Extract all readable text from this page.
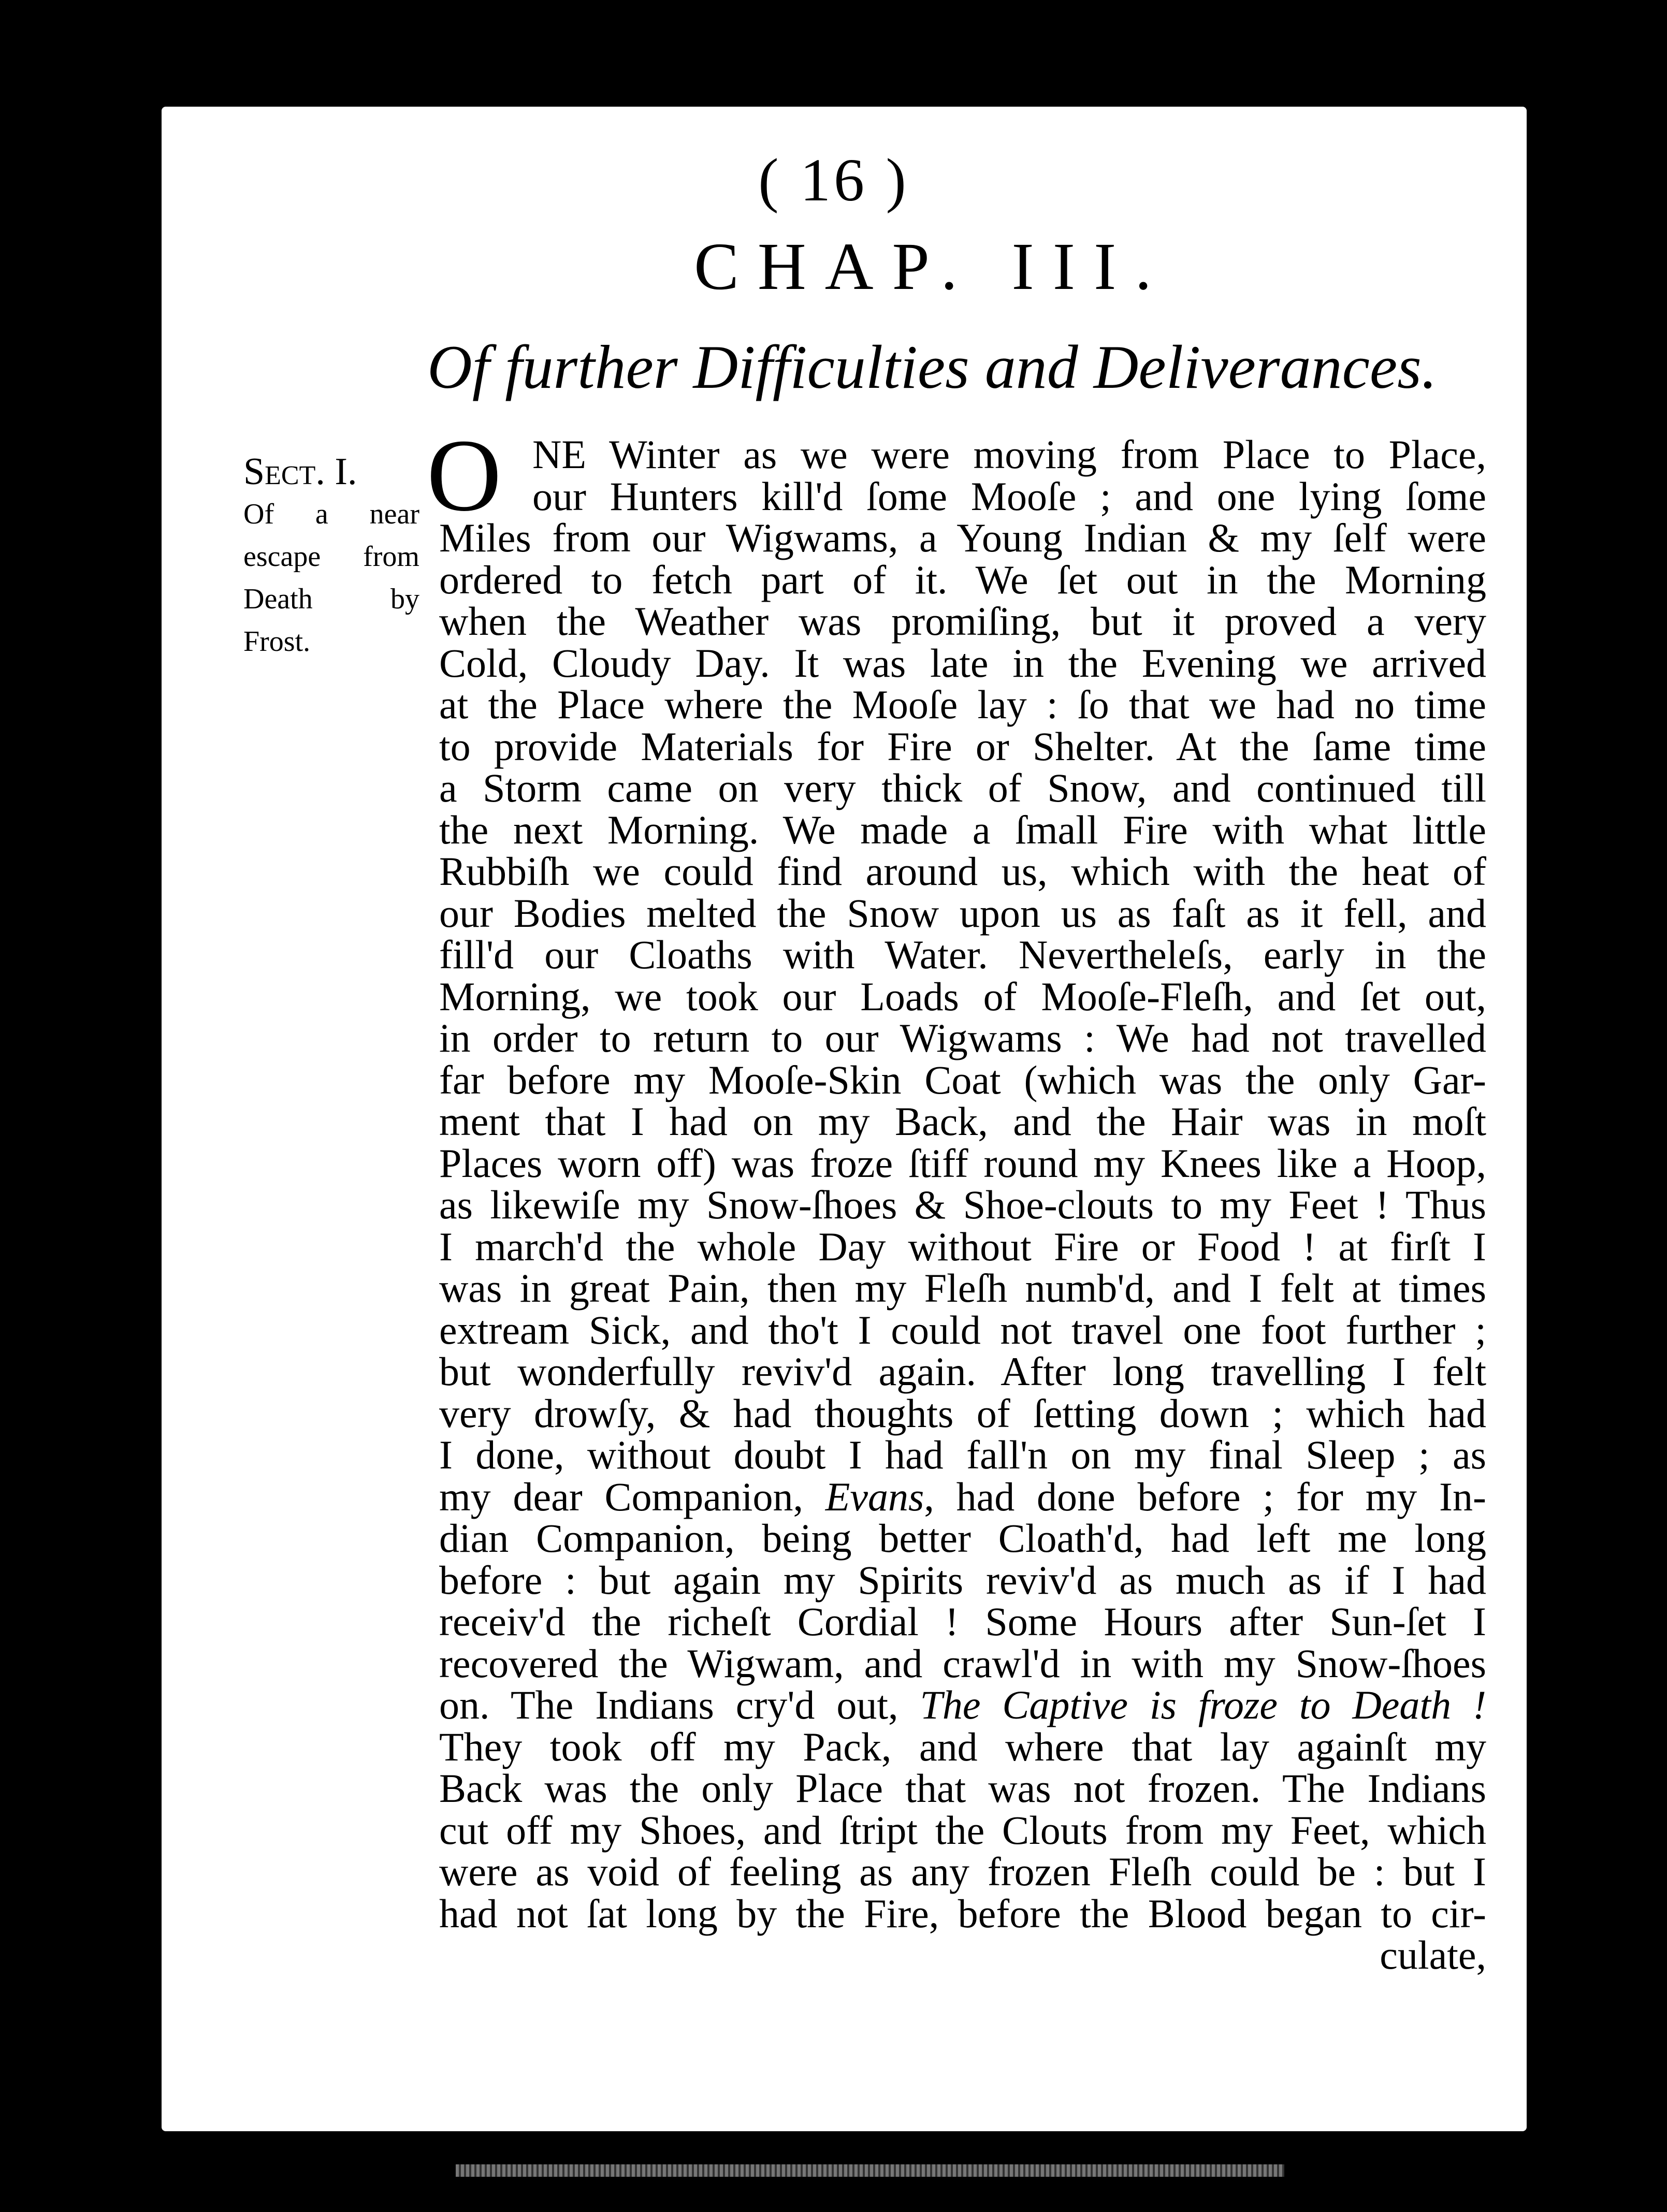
( 16 )
CHAP. III.
Of further Difficulties and Deliverances.
Sect. I.
Of a near escape from Death by Frost.
O NE Winter as we were moving from Place to Place,
our Hunters kill'd ſome Mooſe ; and one lying ſome
Miles from our Wigwams, a Young Indian & my ſelf were
ordered to fetch part of it. We ſet out in the Morning
when the Weather was promiſing, but it proved a very
Cold, Cloudy Day. It was late in the Evening we arrived
at the Place where the Mooſe lay : ſo that we had no time
to provide Materials for Fire or Shelter. At the ſame time
a Storm came on very thick of Snow, and continued till
the next Morning. We made a ſmall Fire with what little
Rubbiſh we could find around us, which with the heat of
our Bodies melted the Snow upon us as faſt as it fell, and
fill'd our Cloaths with Water. Nevertheleſs, early in the
Morning, we took our Loads of Mooſe-Fleſh, and ſet out,
in order to return to our Wigwams : We had not travelled
far before my Mooſe-Skin Coat (which was the only Gar-
ment that I had on my Back, and the Hair was in moſt
Places worn off) was froze ſtiff round my Knees like a Hoop,
as likewiſe my Snow-ſhoes & Shoe-clouts to my Feet ! Thus
I march'd the whole Day without Fire or Food ! at firſt I
was in great Pain, then my Fleſh numb'd, and I felt at times
extream Sick, and tho't I could not travel one foot further ;
but wonderfully reviv'd again. After long travelling I felt
very drowſy, & had thoughts of ſetting down ; which had
I done, without doubt I had fall'n on my final Sleep ; as
my dear Companion, Evans, had done before ; for my In-
dian Companion, being better Cloath'd, had left me long
before : but again my Spirits reviv'd as much as if I had
receiv'd the richeſt Cordial ! Some Hours after Sun-ſet I
recovered the Wigwam, and crawl'd in with my Snow-ſhoes
on. The Indians cry'd out, The Captive is froze to Death !
They took off my Pack, and where that lay againſt my
Back was the only Place that was not frozen. The Indians
cut off my Shoes, and ſtript the Clouts from my Feet, which
were as void of feeling as any frozen Fleſh could be : but I
had not ſat long by the Fire, before the Blood began to cir-
culate,
